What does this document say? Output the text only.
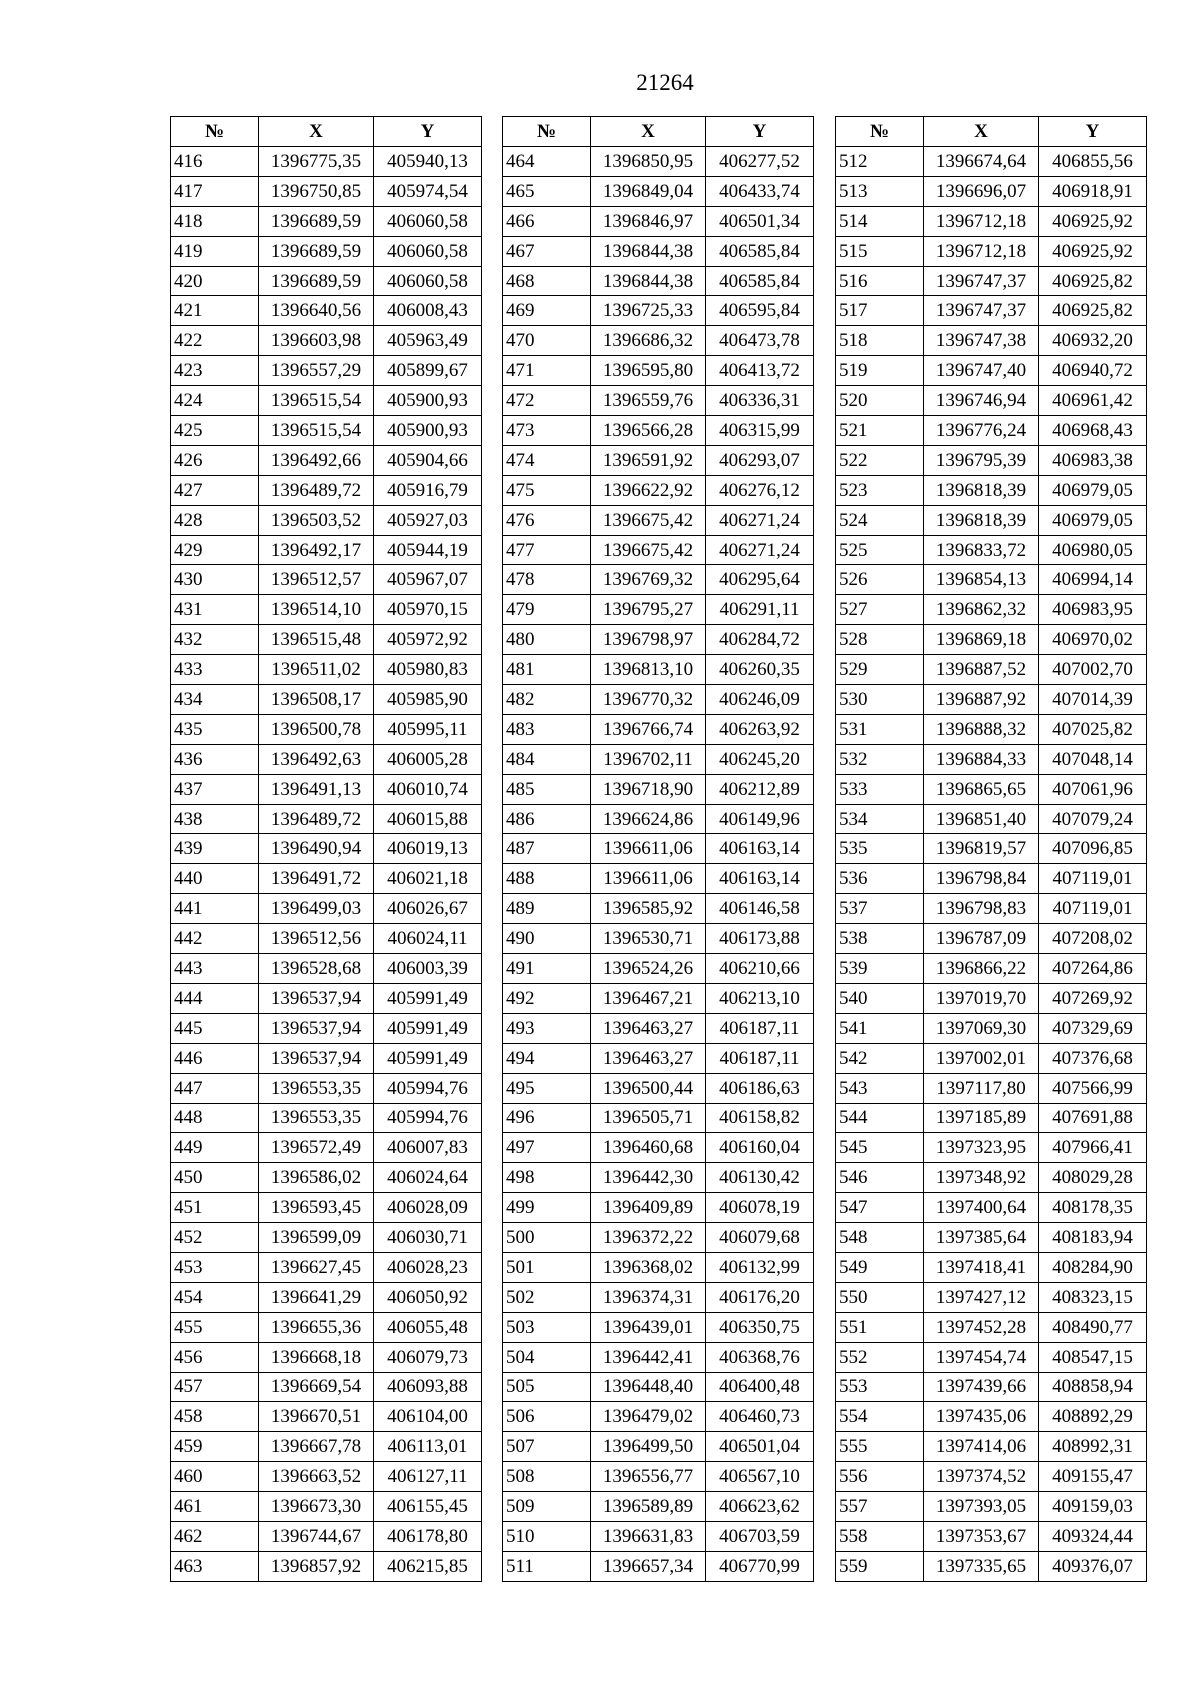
21264
№	X	Y
416	1396775,35	405940,13
417	1396750,85	405974,54
418	1396689,59	406060,58
419	1396689,59	406060,58
420	1396689,59	406060,58
421	1396640,56	406008,43
422	1396603,98	405963,49
423	1396557,29	405899,67
424	1396515,54	405900,93
425	1396515,54	405900,93
426	1396492,66	405904,66
427	1396489,72	405916,79
428	1396503,52	405927,03
429	1396492,17	405944,19
430	1396512,57	405967,07
431	1396514,10	405970,15
432	1396515,48	405972,92
433	1396511,02	405980,83
434	1396508,17	405985,90
435	1396500,78	405995,11
436	1396492,63	406005,28
437	1396491,13	406010,74
438	1396489,72	406015,88
439	1396490,94	406019,13
440	1396491,72	406021,18
441	1396499,03	406026,67
442	1396512,56	406024,11
443	1396528,68	406003,39
444	1396537,94	405991,49
445	1396537,94	405991,49
446	1396537,94	405991,49
447	1396553,35	405994,76
448	1396553,35	405994,76
449	1396572,49	406007,83
450	1396586,02	406024,64
451	1396593,45	406028,09
452	1396599,09	406030,71
453	1396627,45	406028,23
454	1396641,29	406050,92
455	1396655,36	406055,48
456	1396668,18	406079,73
457	1396669,54	406093,88
458	1396670,51	406104,00
459	1396667,78	406113,01
460	1396663,52	406127,11
461	1396673,30	406155,45
462	1396744,67	406178,80
463	1396857,92	406215,85
№	X	Y
464	1396850,95	406277,52
465	1396849,04	406433,74
466	1396846,97	406501,34
467	1396844,38	406585,84
468	1396844,38	406585,84
469	1396725,33	406595,84
470	1396686,32	406473,78
471	1396595,80	406413,72
472	1396559,76	406336,31
473	1396566,28	406315,99
474	1396591,92	406293,07
475	1396622,92	406276,12
476	1396675,42	406271,24
477	1396675,42	406271,24
478	1396769,32	406295,64
479	1396795,27	406291,11
480	1396798,97	406284,72
481	1396813,10	406260,35
482	1396770,32	406246,09
483	1396766,74	406263,92
484	1396702,11	406245,20
485	1396718,90	406212,89
486	1396624,86	406149,96
487	1396611,06	406163,14
488	1396611,06	406163,14
489	1396585,92	406146,58
490	1396530,71	406173,88
491	1396524,26	406210,66
492	1396467,21	406213,10
493	1396463,27	406187,11
494	1396463,27	406187,11
495	1396500,44	406186,63
496	1396505,71	406158,82
497	1396460,68	406160,04
498	1396442,30	406130,42
499	1396409,89	406078,19
500	1396372,22	406079,68
501	1396368,02	406132,99
502	1396374,31	406176,20
503	1396439,01	406350,75
504	1396442,41	406368,76
505	1396448,40	406400,48
506	1396479,02	406460,73
507	1396499,50	406501,04
508	1396556,77	406567,10
509	1396589,89	406623,62
510	1396631,83	406703,59
511	1396657,34	406770,99
№	X	Y
512	1396674,64	406855,56
513	1396696,07	406918,91
514	1396712,18	406925,92
515	1396712,18	406925,92
516	1396747,37	406925,82
517	1396747,37	406925,82
518	1396747,38	406932,20
519	1396747,40	406940,72
520	1396746,94	406961,42
521	1396776,24	406968,43
522	1396795,39	406983,38
523	1396818,39	406979,05
524	1396818,39	406979,05
525	1396833,72	406980,05
526	1396854,13	406994,14
527	1396862,32	406983,95
528	1396869,18	406970,02
529	1396887,52	407002,70
530	1396887,92	407014,39
531	1396888,32	407025,82
532	1396884,33	407048,14
533	1396865,65	407061,96
534	1396851,40	407079,24
535	1396819,57	407096,85
536	1396798,84	407119,01
537	1396798,83	407119,01
538	1396787,09	407208,02
539	1396866,22	407264,86
540	1397019,70	407269,92
541	1397069,30	407329,69
542	1397002,01	407376,68
543	1397117,80	407566,99
544	1397185,89	407691,88
545	1397323,95	407966,41
546	1397348,92	408029,28
547	1397400,64	408178,35
548	1397385,64	408183,94
549	1397418,41	408284,90
550	1397427,12	408323,15
551	1397452,28	408490,77
552	1397454,74	408547,15
553	1397439,66	408858,94
554	1397435,06	408892,29
555	1397414,06	408992,31
556	1397374,52	409155,47
557	1397393,05	409159,03
558	1397353,67	409324,44
559	1397335,65	409376,07
